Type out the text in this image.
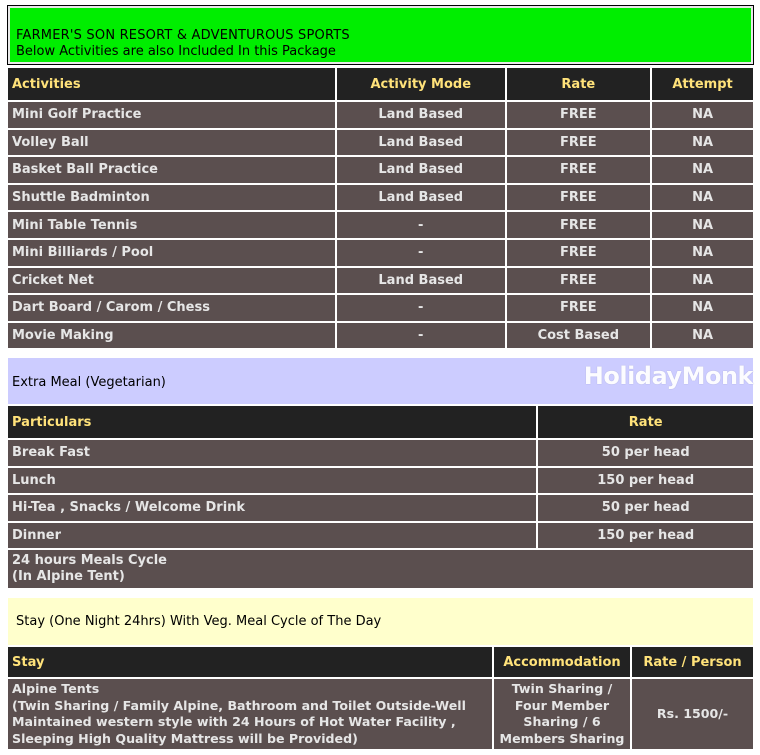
FARMER'S SON RESORT & ADVENTUROUS SPORTS
Below Activities are also Included In this Package
Activities	Activity Mode	Rate	Attempt
Mini Golf Practice	Land Based	FREE	NA
Volley Ball	Land Based	FREE	NA
Basket Ball Practice	Land Based	FREE	NA
Shuttle Badminton	Land Based	FREE	NA
Mini Table Tennis	-	FREE	NA
Mini Billiards / Pool	-	FREE	NA
Cricket Net	Land Based	FREE	NA
Dart Board / Carom / Chess	-	FREE	NA
Movie Making	-	Cost Based	NA
Extra Meal (Vegetarian)	HolidayMonk
Particulars	Rate
Break Fast	50 per head
Lunch	150 per head
Hi-Tea , Snacks / Welcome Drink	50 per head
Dinner	150 per head

24 hours Meals Cycle
(In Alpine Tent)	
Stay (One Night 24hrs) With Veg. Meal Cycle of The Day
Stay	Accommodation	Rate / Person

Alpine Tents
(Twin Sharing / Family Alpine, Bathroom and Toilet Outside-Well Maintained western style with 24 Hours of Hot Water Facility , Sleeping High Quality Mattress will be Provided)	Twin Sharing / Four Member Sharing / 6 Members Sharing	Rs. 1500/-
